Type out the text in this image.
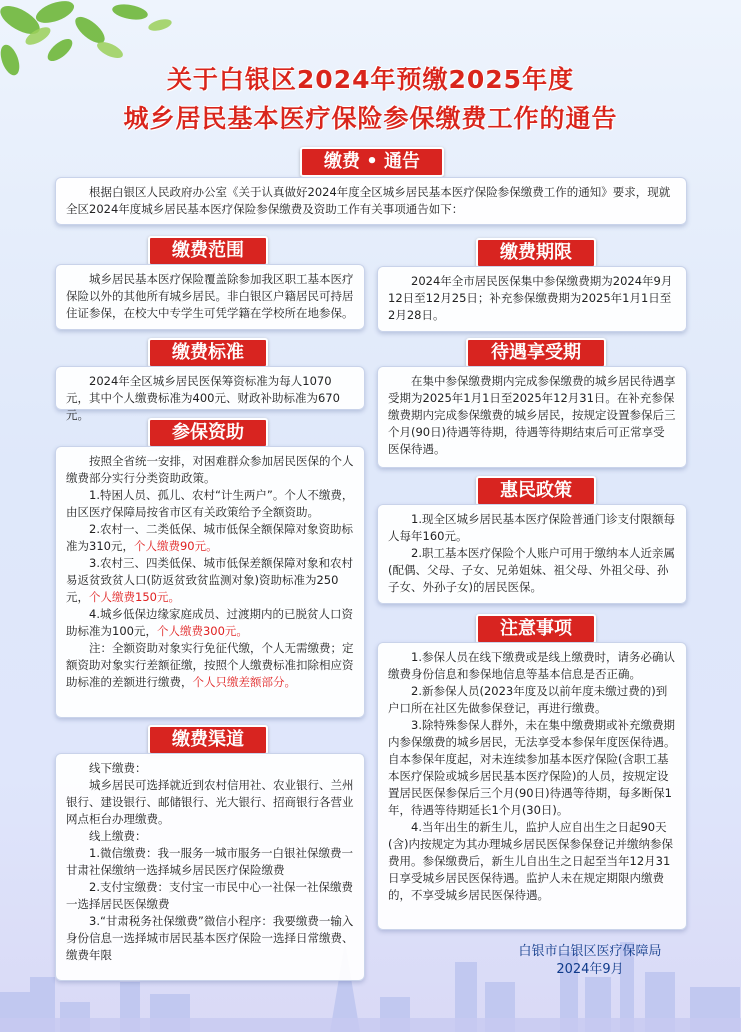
关于白银区2024年预缴2025年度
城乡居民基本医疗保险参保缴费工作的通告
缴费 • 通告

根据白银区人民政府办公室《关于认真做好2024年度全区城乡居民基本医疗保险参保缴费工作的通知》要求，现就全区2024年度城乡居民基本医疗保险参保缴费及资助工作有关事项通告如下：

缴费范围

城乡居民基本医疗保险覆盖除参加我区职工基本医疗保险以外的其他所有城乡居民。非白银区户籍居民可持居住证参保，在校大中专学生可凭学籍在学校所在地参保。

缴费标准

2024年全区城乡居民医保筹资标准为每人1070元，其中个人缴费标准为400元、财政补助标准为670元。

参保资助

按照全省统一安排，对困难群众参加居民医保的个人缴费部分实行分类资助政策。

1.特困人员、孤儿、农村“计生两户”。个人不缴费，由区医疗保障局按省市区有关政策给予全额资助。

2.农村一、二类低保、城市低保全额保障对象资助标准为310元，个人缴费90元。

3.农村三、四类低保、城市低保差额保障对象和农村易返贫致贫人口(防返贫致贫监测对象)资助标准为250元，个人缴费150元。

4.城乡低保边缘家庭成员、过渡期内的已脱贫人口资助标准为100元，个人缴费300元。

注：全额资助对象实行免征代缴，个人无需缴费；定额资助对象实行差额征缴，按照个人缴费标准扣除相应资助标准的差额进行缴费，个人只缴差额部分。

缴费渠道

线下缴费：

城乡居民可选择就近到农村信用社、农业银行、兰州银行、建设银行、邮储银行、光大银行、招商银行各营业网点柜台办理缴费。

线上缴费：

1.微信缴费：我一服务一城市服务一白银社保缴费一甘肃社保缴纳一选择城乡居民医疗保险缴费

2.支付宝缴费：支付宝一市民中心一社保一社保缴费一选择居民医保缴费

3.“甘肃税务社保缴费”微信小程序：我要缴费一输入身份信息一选择城市居民基本医疗保险一选择日常缴费、缴费年限

缴费期限

2024年全市居民医保集中参保缴费期为2024年9月12日至12月25日；补充参保缴费期为2025年1月1日至2月28日。

待遇享受期

在集中参保缴费期内完成参保缴费的城乡居民待遇享受期为2025年1月1日至2025年12月31日。在补充参保缴费期内完成参保缴费的城乡居民，按规定设置参保后三个月(90日)待遇等待期，待遇等待期结束后可正常享受医保待遇。

惠民政策

1.现全区城乡居民基本医疗保险普通门诊支付限额每人每年160元。

2.职工基本医疗保险个人账户可用于缴纳本人近亲属(配偶、父母、子女、兄弟姐妹、祖父母、外祖父母、孙子女、外孙子女)的居民医保。

注意事项

1.参保人员在线下缴费或是线上缴费时，请务必确认缴费身份信息和参保地信息等基本信息是否正确。

2.新参保人员(2023年度及以前年度未缴过费的)到户口所在社区先做参保登记，再进行缴费。

3.除特殊参保人群外，未在集中缴费期或补充缴费期内参保缴费的城乡居民，无法享受本参保年度医保待遇。自本参保年度起，对未连续参加基本医疗保险(含职工基本医疗保险或城乡居民基本医疗保险)的人员，按规定设置居民医保参保后三个月(90日)待遇等待期，每多断保1年，待遇等待期延长1个月(30日)。

4.当年出生的新生儿，监护人应自出生之日起90天(含)内按规定为其办理城乡居民医保参保登记并缴纳参保费用。参保缴费后，新生儿自出生之日起至当年12月31日享受城乡居民医保待遇。监护人未在规定期限内缴费的，不享受城乡居民医保待遇。

白银市白银区医疗保障局
2024年9月
